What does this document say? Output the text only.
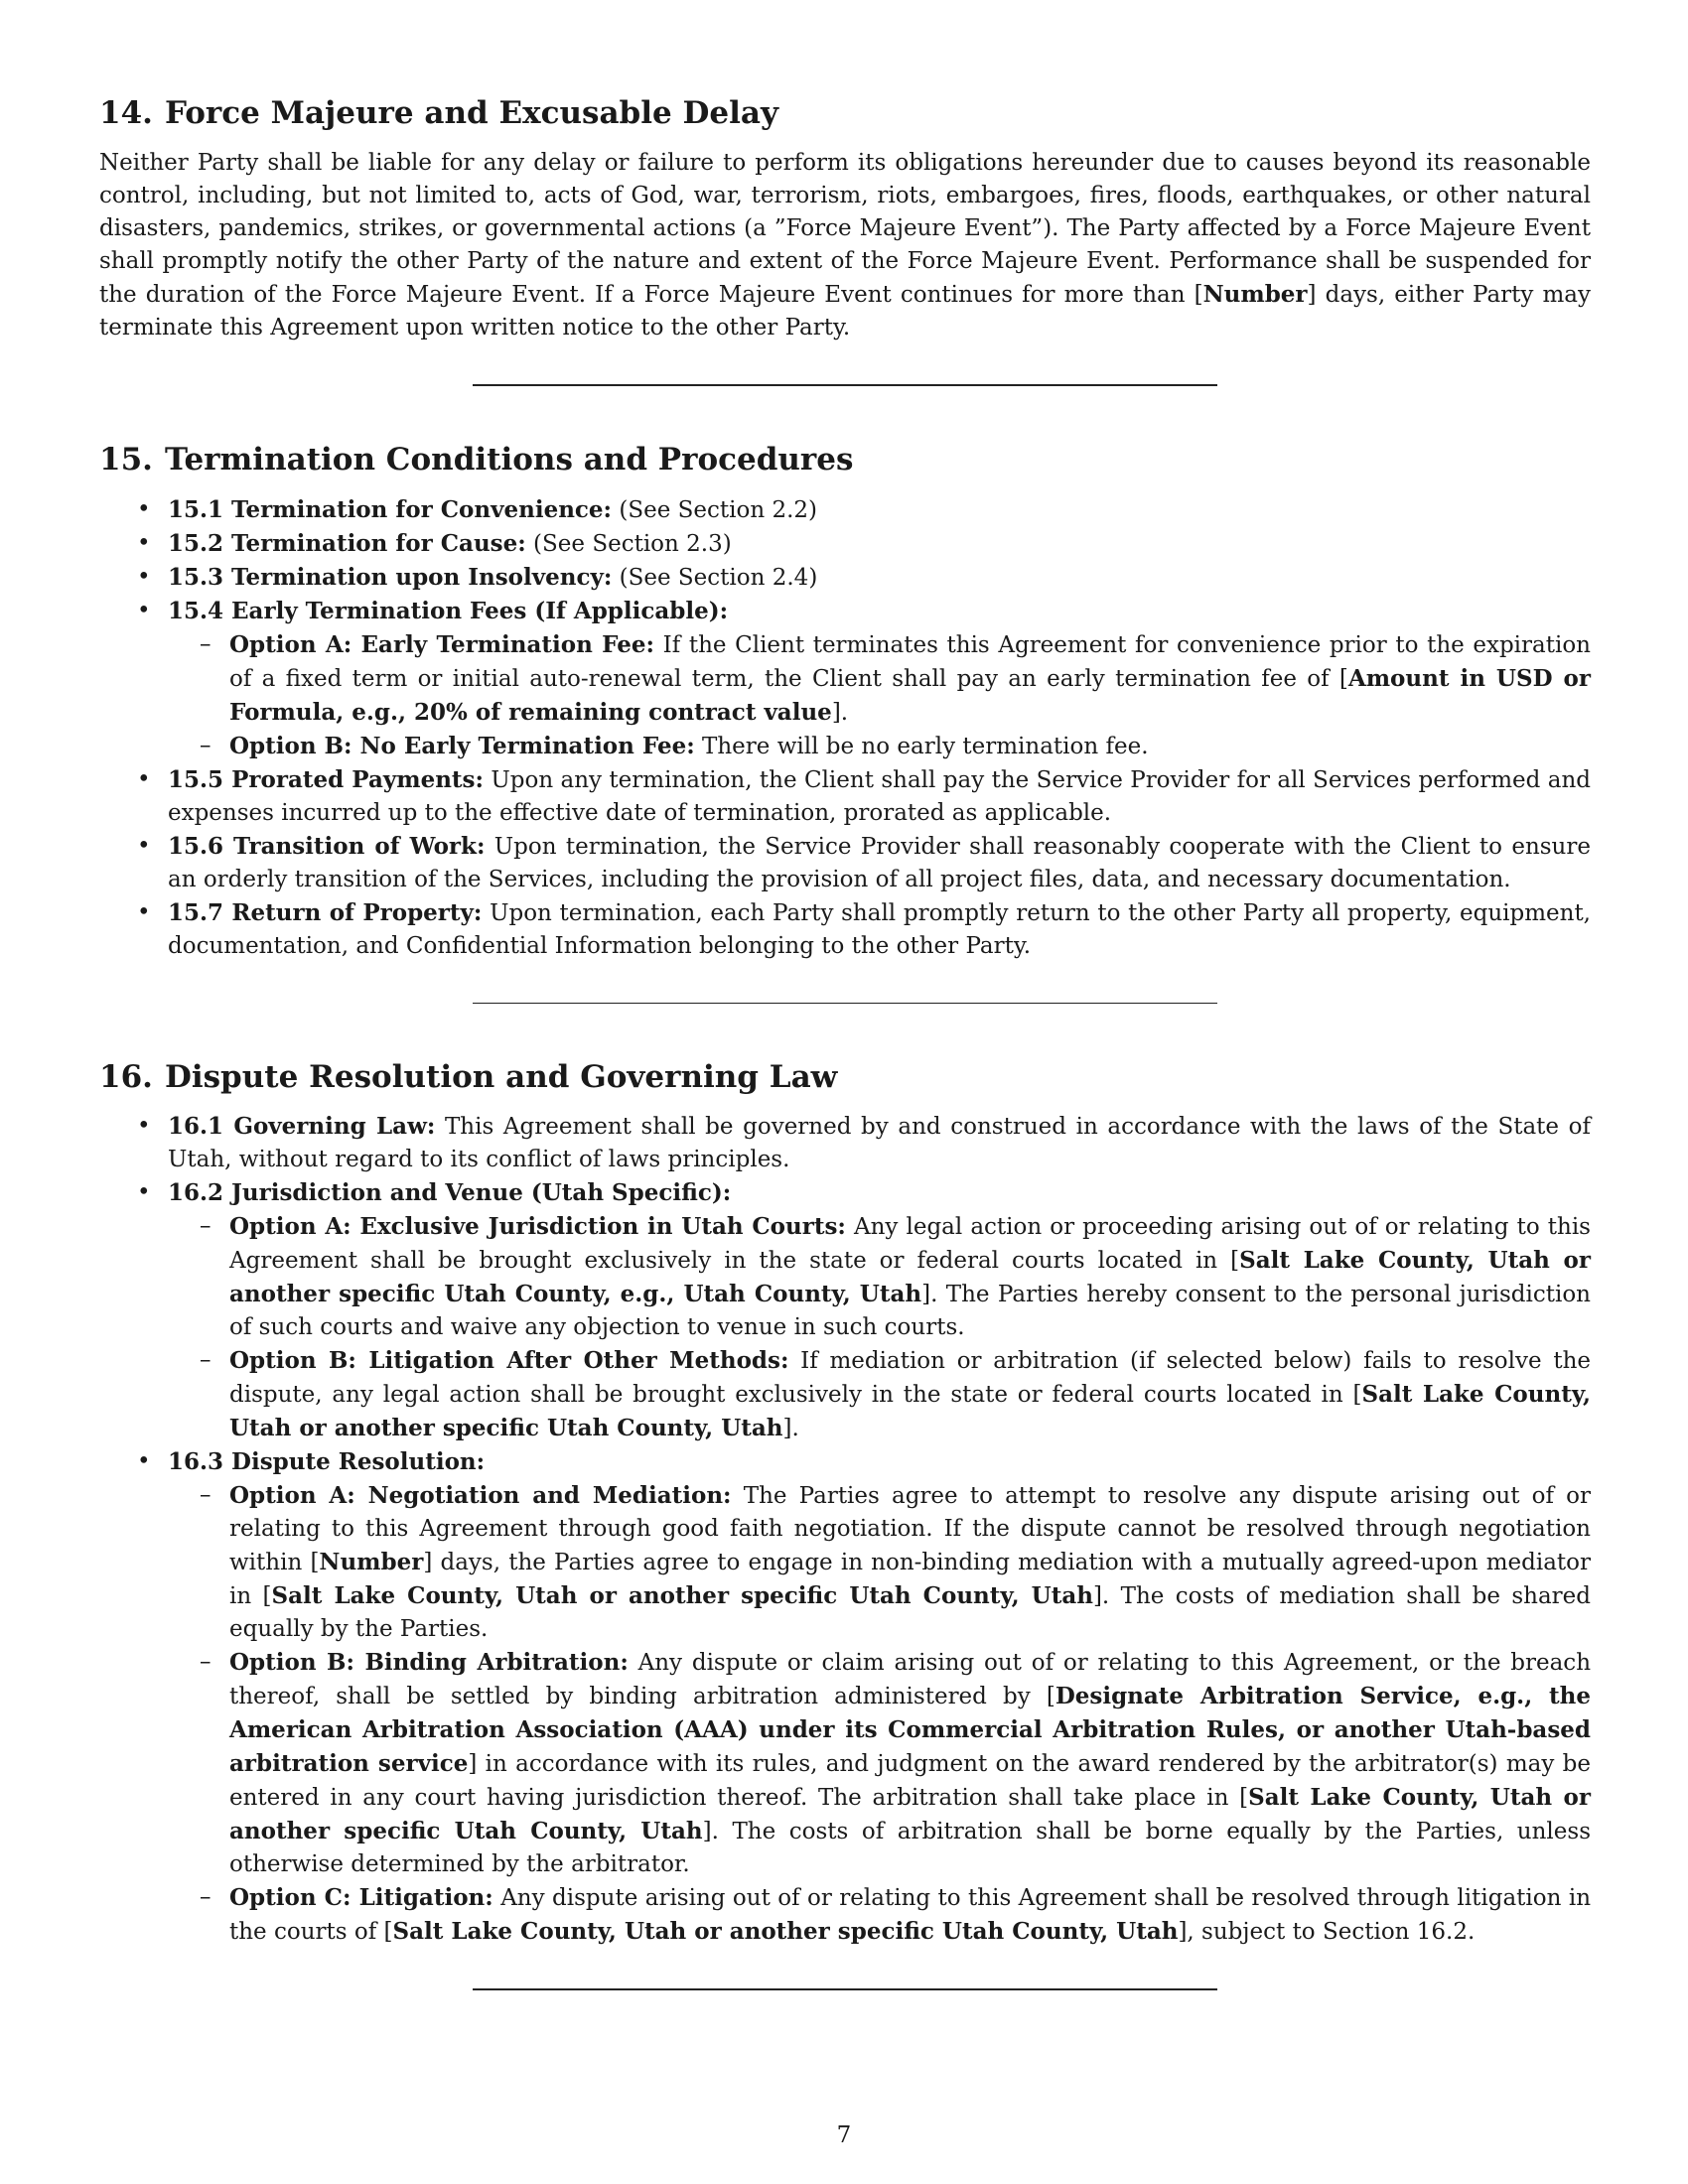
14. Force Majeure and Excusable Delay

Neither Party shall be liable for any delay or failure to perform its obligations hereunder due to causes beyond its reasonable control, including, but not limited to, acts of God, war, terrorism, riots, embargoes, fires, floods, earthquakes, or other natural disasters, pandemics, strikes, or governmental actions (a ”Force Majeure Event”). The Party affected by a Force Majeure Event shall promptly notify the other Party of the nature and extent of the Force Majeure Event. Performance shall be suspended for the duration of the Force Majeure Event. If a Force Majeure Event continues for more than [Number] days, either Party may terminate this Agreement upon written notice to the other Party.

15. Termination Conditions and Procedures
• 15.1 Termination for Convenience: (See Section 2.2)
• 15.2 Termination for Cause: (See Section 2.3)
• 15.3 Termination upon Insolvency: (See Section 2.4)
• 15.4 Early Termination Fees (If Applicable):
– Option A: Early Termination Fee: If the Client terminates this Agreement for convenience prior to the expiration of a fixed term or initial auto-renewal term, the Client shall pay an early termination fee of [Amount in USD or Formula, e.g., 20% of remaining contract value].
– Option B: No Early Termination Fee: There will be no early termination fee.
• 15.5 Prorated Payments: Upon any termination, the Client shall pay the Service Provider for all Services performed and expenses incurred up to the effective date of termination, prorated as applicable.
• 15.6 Transition of Work: Upon termination, the Service Provider shall reasonably cooperate with the Client to ensure an orderly transition of the Services, including the provision of all project files, data, and necessary documentation.
• 15.7 Return of Property: Upon termination, each Party shall promptly return to the other Party all property, equipment, documentation, and Confidential Information belonging to the other Party.
16. Dispute Resolution and Governing Law
• 16.1 Governing Law: This Agreement shall be governed by and construed in accordance with the laws of the State of Utah, without regard to its conflict of laws principles.
• 16.2 Jurisdiction and Venue (Utah Specific):
– Option A: Exclusive Jurisdiction in Utah Courts: Any legal action or proceeding arising out of or relating to this Agreement shall be brought exclusively in the state or federal courts located in [Salt Lake County, Utah or another specific Utah County, e.g., Utah County, Utah]. The Parties hereby consent to the personal jurisdiction of such courts and waive any objection to venue in such courts.
– Option B: Litigation After Other Methods: If mediation or arbitration (if selected below) fails to resolve the dispute, any legal action shall be brought exclusively in the state or federal courts located in [Salt Lake County, Utah or another specific Utah County, Utah].
• 16.3 Dispute Resolution:
– Option A: Negotiation and Mediation: The Parties agree to attempt to resolve any dispute arising out of or relating to this Agreement through good faith negotiation. If the dispute cannot be resolved through negotiation within [Number] days, the Parties agree to engage in non-binding mediation with a mutually agreed-upon mediator in [Salt Lake County, Utah or another specific Utah County, Utah]. The costs of mediation shall be shared equally by the Parties.
– Option B: Binding Arbitration: Any dispute or claim arising out of or relating to this Agreement, or the breach thereof, shall be settled by binding arbitration administered by [Designate Arbitration Service, e.g., the American Arbitration Association (AAA) under its Commercial Arbitration Rules, or another Utah-based arbitration service] in accordance with its rules, and judgment on the award rendered by the arbitrator(s) may be entered in any court having jurisdiction thereof. The arbitration shall take place in [Salt Lake County, Utah or another specific Utah County, Utah]. The costs of arbitration shall be borne equally by the Parties, unless otherwise determined by the arbitrator.
– Option C: Litigation: Any dispute arising out of or relating to this Agreement shall be resolved through litigation in the courts of [Salt Lake County, Utah or another specific Utah County, Utah], subject to Section 16.2.
7
